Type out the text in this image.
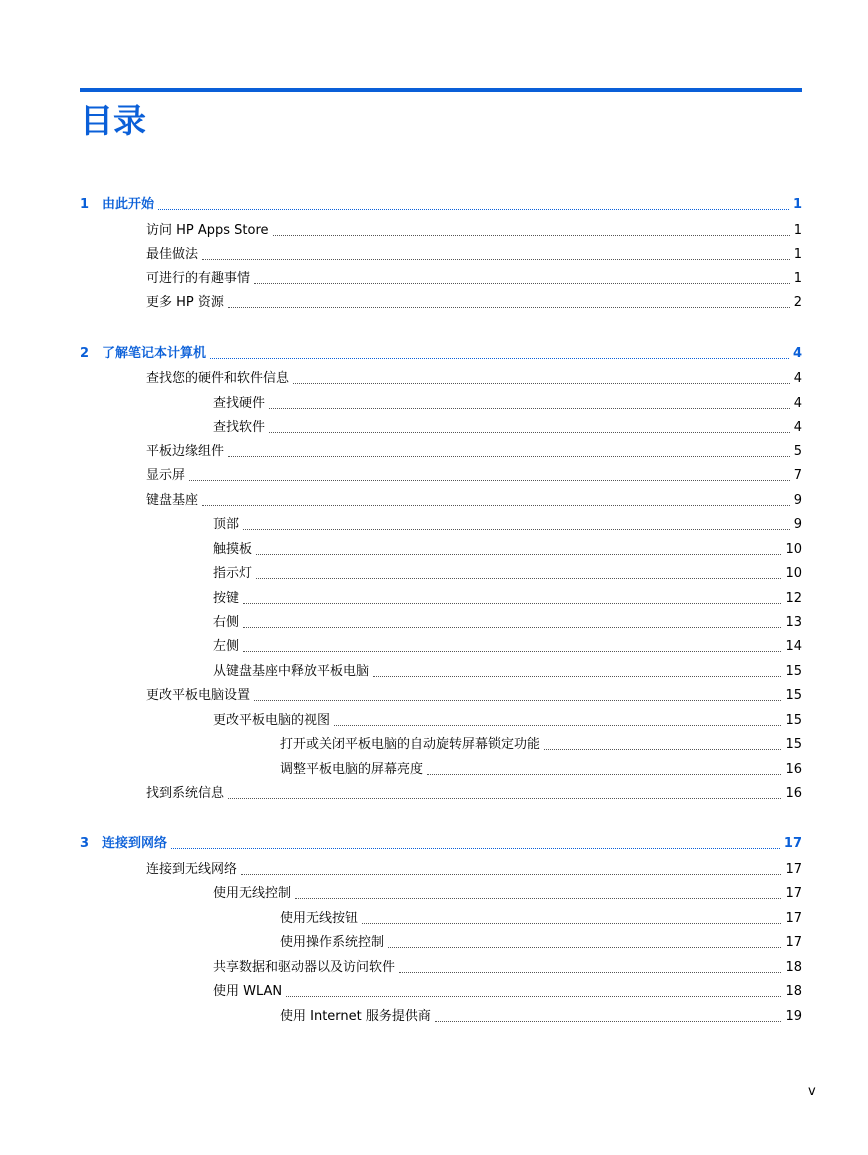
目录
1 由此开始	1
访问 HP Apps Store	1
最佳做法	1
可进行的有趣事情	1
更多 HP 资源	2
2 了解笔记本计算机	4
查找您的硬件和软件信息	4
查找硬件	4
查找软件	4
平板边缘组件	5
显示屏	7
键盘基座	9
顶部	9
触摸板	10
指示灯	10
按键	12
右侧	13
左侧	14
从键盘基座中释放平板电脑	15
更改平板电脑设置	15
更改平板电脑的视图	15
打开或关闭平板电脑的自动旋转屏幕锁定功能	15
调整平板电脑的屏幕亮度	16
找到系统信息	16
3 连接到网络	17
连接到无线网络	17
使用无线控制	17
使用无线按钮	17
使用操作系统控制	17
共享数据和驱动器以及访问软件	18
使用 WLAN	18
使用 Internet 服务提供商	19
v
